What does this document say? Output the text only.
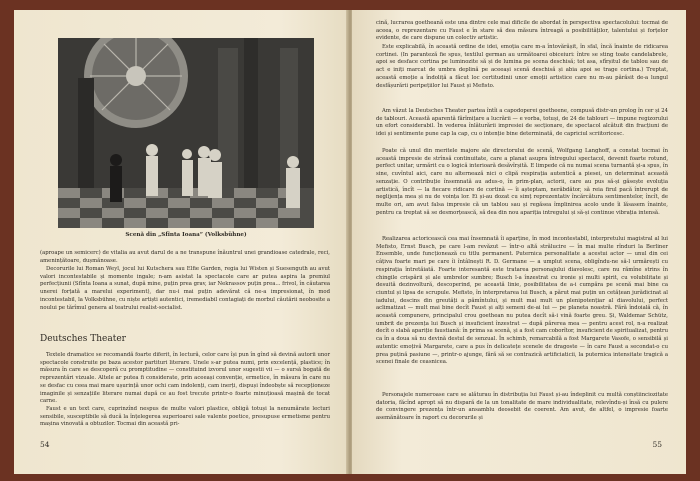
Scenă din „Sfînta Ioana” (Volksbühne)

(aproape un semicerc) de vitalia au avut darul de a ne transpune înăuntrul unei grandioase catedrale, reci, amenințătoare, dușmănoase.

Decorurile lui Roman Weyl, jocul lui Kutschera sau Elfie Garden, regia lui Wisten și Suesenguth au avut valori incontestabile și momente ingale; n-am asistat la spectacole care ar putea aspira la premiul perfecțiunii (Sfînta Ioana a sunat, după mine, puțin prea grav, iar Nekrassov puțin prea... frivol, în căutarea unerei forțată a marelui experiment), dar nu-i mai puțin adevărat că ne-a impresionat, în mod incontestabil, la Volksbühne, cu niște artiști autentici, iremediabil contagiați de morbul căutării neobosite a noului pe tărîmul genera al teatrului realist-socialist.

Deutsches Theater

Textele dramatice se recomandă foarte diferit, în lectură, celor care își pun în gînd să devină autorii unor spectacole construite pe baza acestor partituri literare. Unele s-ar putea numi, prin excelență, plastice; în măsura în care se descoperă cu promptitudine — constituind izvorul unor sugestii vii — o sursă bogată de reprezentări vizuale. Altele ar putea fi considerate, prin aceeași convenție, ermetice, în măsura în care nu se desfac cu ceea mai mare ușurință unor ochi cam indolenți, cam inerți, dispuși îndeobște să recepționeze imaginile și senzațiile literare numai după ce au fost trecute printr-o foarte minuțioasă mașină de tocat carne.

Faust e un text care, cuprinzînd nespus de multe valori plastice, obligă totuși la nenumărate lecturi sensibile, susceptibile să ducă la înțelegerea superioarei sale valente poetice, presupuse ermetisme pentru mașina vinovată a obtuzilor. Tocmai din această pri-

54

cină, lucrarea goetheană este una dintre cele mai dificile de abordat în perspectiva spectacolului: tocmai de aceea, o reprezentare cu Faust e în stare să dea măsura întreagă a posibilităților, talentului și forțelor evidente, de care dispune un colectiv artistic.

Este explicabilă, în această ordine de idei, emoția care m-a întovărășit, în sfal, încă înainte de ridicarea cortinei. (In paranteză fie spus, textilul german au următoarei obiceiuri: între se sting toate candelabrele, apoi se desface cortina pe luminozite să și de lumina pe scena deschisă; tot asa, sfîrșitul de tablou sau de act e iniți marcat de umbra deplină pe aceeași scenă deschisă și abia apoi se trage cortina.) Treptat, această emoție a îndoliță a făcut loc certitudinii unor emoții artistice care nu m-au părăsit de-a lungul desfășurării peripețiilor lui Faust și Mefisto.

Am văzut la Deutsches Theater partea întîi a capodoperei goetheene, compusă distr-un prolog în cer și 24 de tablouri. Această aparentă fărîmițare a lucrării — e vorba, totuși, de 24 de tablouri — impune regizorului un efort considerabil. În vederea înlăturării impresiei de secționare, de spectacol alcătuit din fracțiuni de idei și sentimente pune cap la cap, cu o intenție bine determinată, de capriciul scriitoricesc.

Poate că unul din meritele majore ale directorului de scenă, Wolfgang Langhoff, a constat tocmai în această impresie de strînsă continuitate, care a planat asupra întregului spectacol, devenit foarte rotund, perfect unitar, urmărit cu o logică interioară desăvîrșită. E limpede că nu numai scena turnantă și-a spus, în sine, cuvîntul aici, care nu alternează nici o clipă respirația autentică a piesei, un determinat această senzație. O contribuție însemnată au adus-o, în prim-plan, actorii, care au pus să-și găsește evoluția artistică, încît — la fiecare ridicare de cortină — îi așteptam, nerăbdător, să reia firul pacă întrerupt de neglijența mea și nu de voința lor. Ei și-au dozat cu simț reprezentativ încărcătura sentimentelor, încît, de multe ori, am avut falsa impresie că un tablou sau și regăsea împlinirea acolo unde îi lăsasem înainte, pentru ca treptat să se desmorțească, să dea din nou apariția intregului și să-și continue vibrația intensă.

Realizarea actoricească cea mai însemnată îi aparține, în mod incontestabil, interpretului magistral al lui Mefisto, Ernst Busch, pe care l-am revăzut — într-o altă strălucire — în mai multe rînduri la Berliner Ensemble, unde funcționează cu titlu permanent. Puternica personalitate a acestui actor — unul din cei câțiva foarte mari pe care îi întâlnești R. D. Germane — a umplut scena, obligîndu-ne să-l urmărești cu respirația întretăiată. Foarte interesantă este tratarea personajului diavolesc, care nu rămîne strins în chingile crispării și ale umbrelor sumbre; Busch l-a înzestrat cu ironie și multi spirit, cu volubilitate și desuită dezinvoltură, descoperind, pe această linie, posibilitatea de a-i cumpăra pe scenă mai bine ca ciuntul și lipsa de scrupule. Mefisto, în interpretarea lui Busch, a părut mai puțin un cetățean jurădicinat al iadului, descins din greutăți a pămîntului, și mult mai mult un plenipotențiar al diavolului, perfect aclimatizat — mult mai bine decît Faust și alți semeni de-ai lui — pe planeta noastră. Fără îndoială că, în această compunere, principalul crou goethean nu putea decît să-i vină foarte greu. Și, Waldemar Schütz, umbrit de prezența lui Busch și insuficient înzestrat — după părerea mea — pentru acest rol, n-a realizat decît o slabă apariție faustiană: în prima sa scenă, și a fost cam coborîtor, insuficient de spiritualizat, pentru ca în a doua să nu devină destul de senzual. În schimb, remarcabilă a fost Margarete Vasofe, o sensibilă și autentic emoțivă Margarete, care a pus în delicatețe scenele de dragoste — în care Faust a secondat-o cu prea puțină pasiune —, printr-o ajunge, fără să se contrazică artificiaticii, la puternica intensitate tragică a scenei finale de ceasnicea.

Personajele numeroase care se alăturau în distribuția lui Faust și-au îndeplinit cu multă conștiinciozitate datoria, făcînd apropt să nu dispară de la un tonalitate de mare individualitate, relevîndu-și însă cu pulere de convingere prezența într-un ansamblu deosebit de coerent. Am avut, de altfel, o impresie foarte asemănătoare în raport cu decorurile și

55
